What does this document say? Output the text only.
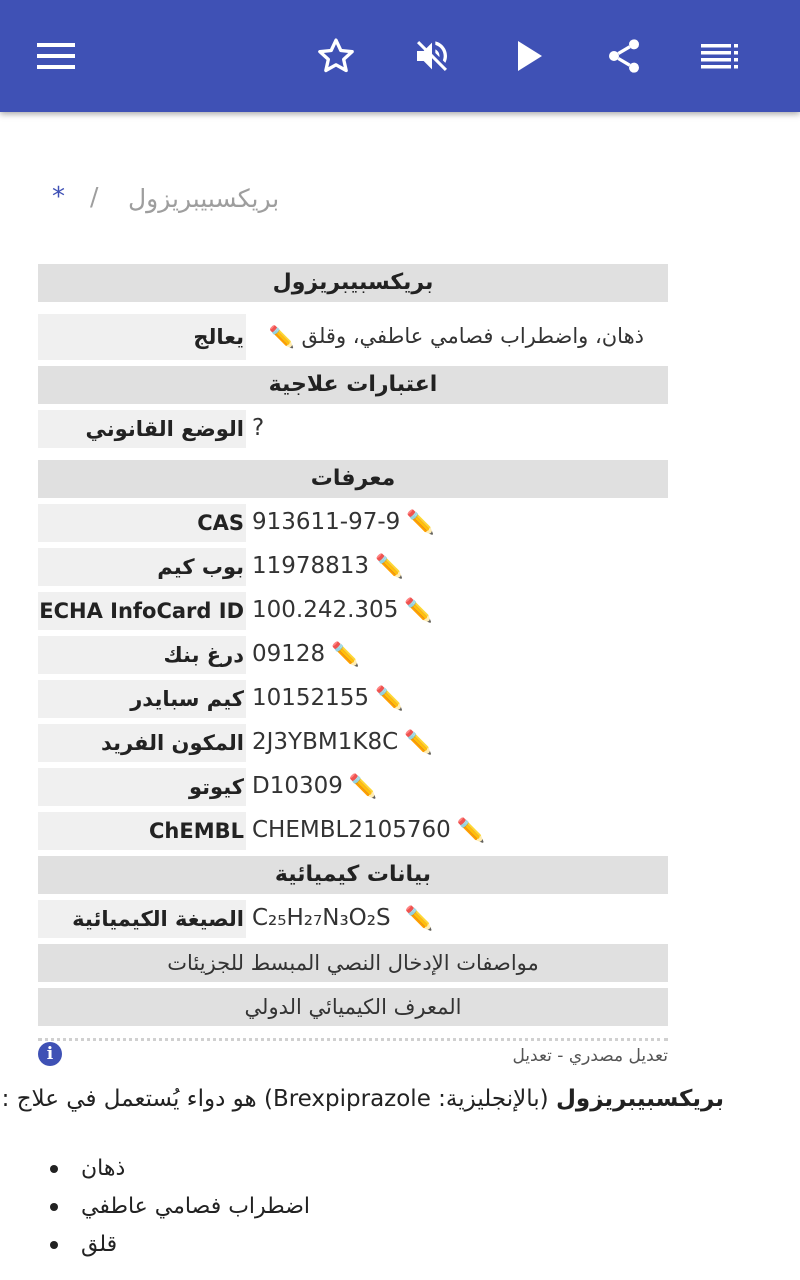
* / بريكسبيبريزول
بريكسبيبريزول
يعالج	ذهان، واضطراب فصامي عاطفي، وقلق ✏️
اعتبارات علاجية
الوضع القانوني ?
معرفات
CAS 913611-97-9 ✏️
بوب كيم 11978813 ✏️
ECHA InfoCard ID 100.242.305 ✏️
درغ بنك 09128 ✏️
كيم سبايدر 10152155 ✏️
المكون الفريد 2J3YBM1K8C ✏️
كيوتو D10309 ✏️
ChEMBL CHEMBL2105760 ✏️
بيانات كيميائية
الصيغة الكيميائية C₂₅H₂₇N₃O₂S ✏️
مواصفات الإدخال النصي المبسط للجزيئات
المعرف الكيميائي الدولي
i	تعديل مصدري - تعديل
بريكسبيبريزول (بالإنجليزية: Brexpiprazole) هو دواء يُستعمل في علاج :
ذهان
اضطراب فصامي عاطفي
قلق
